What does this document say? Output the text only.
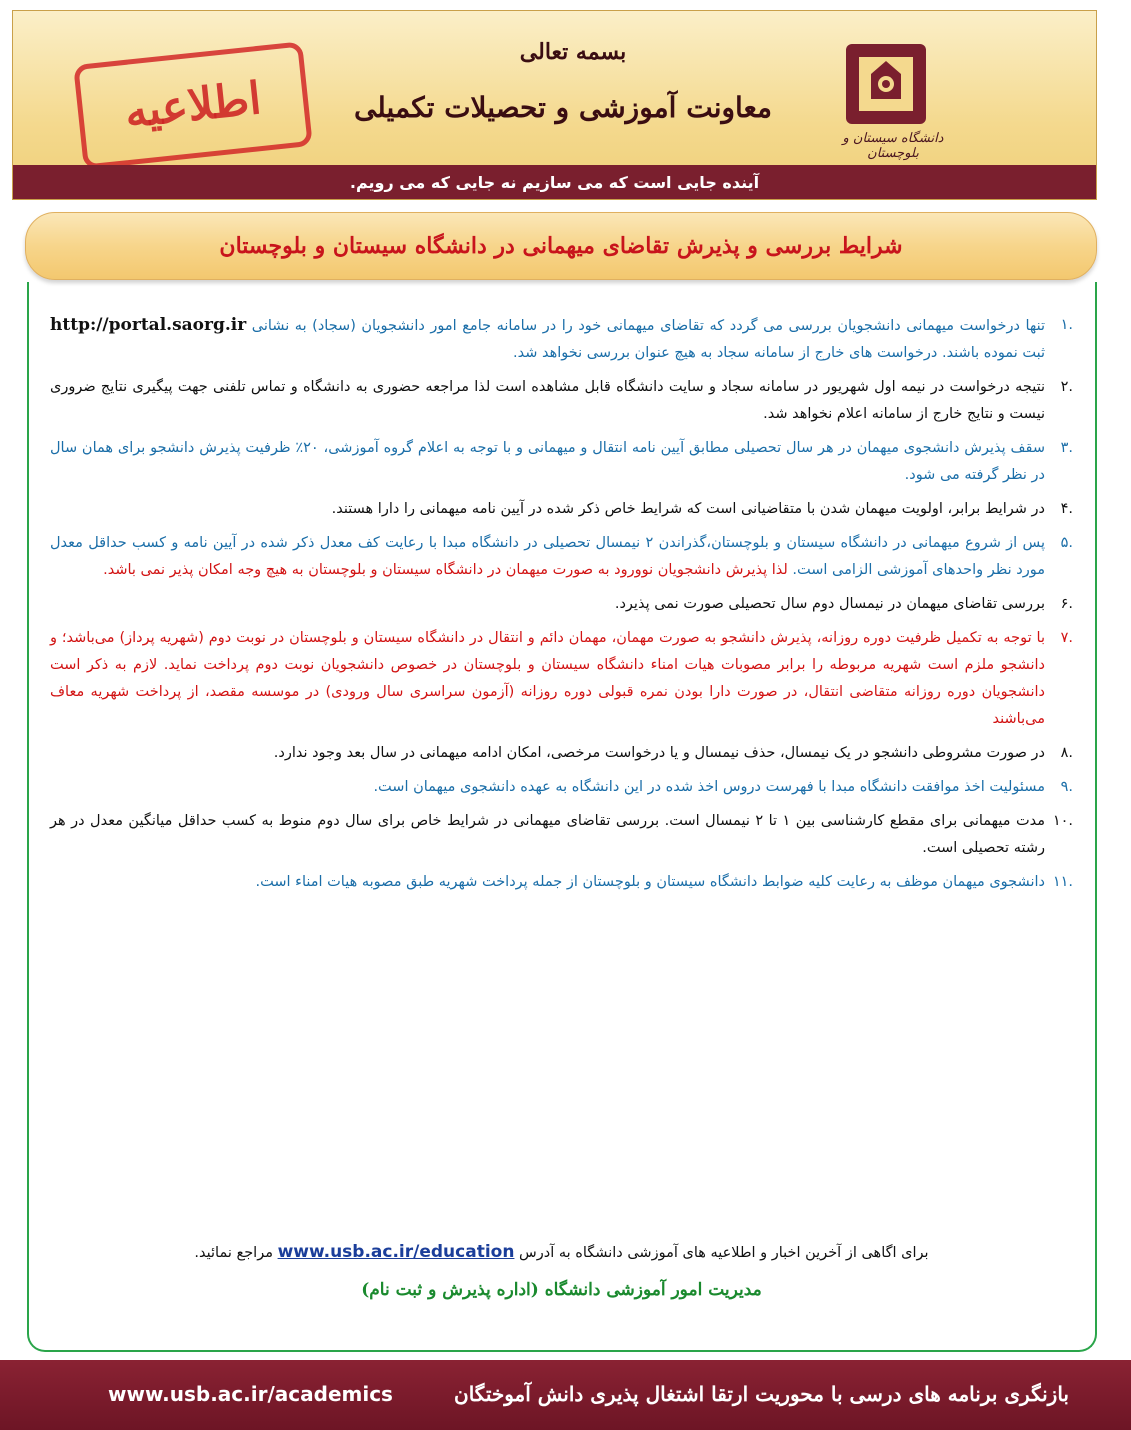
بسمه تعالی
معاونت آموزشی و تحصیلات تکمیلی
دانشگاه سیستان و بلوچستان
اطلاعیه
آینده جایی است که می سازیم نه جایی که می رویم.
شرایط بررسی و پذیرش تقاضای میهمانی در دانشگاه سیستان و بلوچستان
.۱
تنها درخواست میهمانی دانشجویان بررسی می گردد که تقاضای میهمانی خود را در سامانه جامع امور دانشجویان (سجاد) به نشانی http://portal.saorg.ir ثبت نموده باشند. درخواست های خارج از سامانه سجاد به هیچ عنوان بررسی نخواهد شد.
.۲
نتیجه درخواست در نیمه اول شهریور در سامانه سجاد و سایت دانشگاه قابل مشاهده است لذا مراجعه حضوری به دانشگاه و تماس تلفنی جهت پیگیری نتایج ضروری نیست و نتایج خارج از سامانه اعلام نخواهد شد.
.۳
سقف پذیرش دانشجوی میهمان در هر سال تحصیلی مطابق آیین نامه انتقال و میهمانی و با توجه به اعلام گروه آموزشی، ۲۰٪ ظرفیت پذیرش دانشجو برای همان سال در نظر گرفته می شود.
.۴
در شرایط برابر، اولویت میهمان شدن با متقاضیانی است که شرایط خاص ذکر شده در آیین نامه میهمانی را دارا هستند.
.۵
پس از شروع میهمانی در دانشگاه سیستان و بلوچستان،گذراندن ۲ نیمسال تحصیلی در دانشگاه مبدا با رعایت کف معدل ذکر شده در آیین نامه و کسب حداقل معدل مورد نظر واحدهای آموزشی الزامی است. لذا پذیرش دانشجویان نوورود به صورت میهمان در دانشگاه سیستان و بلوچستان به هیچ وجه امکان پذیر نمی باشد.
.۶
بررسی تقاضای میهمان در نیمسال دوم سال تحصیلی صورت نمی پذیرد.
.۷
با توجه به تکمیل ظرفیت دوره روزانه، پذیرش دانشجو به صورت مهمان، مهمان دائم و انتقال در دانشگاه سیستان و بلوچستان در نوبت دوم (شهریه پرداز) می‌باشد؛ و دانشجو ملزم است شهریه مربوطه را برابر مصوبات هیات امناء دانشگاه سیستان و بلوچستان در خصوص دانشجویان نوبت دوم پرداخت نماید. لازم به ذکر است دانشجویان دوره روزانه متقاضی انتقال، در صورت دارا بودن نمره قبولی دوره روزانه (آزمون سراسری سال ورودی) در موسسه مقصد، از پرداخت شهریه معاف می‌باشند
.۸
در صورت مشروطی دانشجو در یک نیمسال، حذف نیمسال و یا درخواست مرخصی، امکان ادامه میهمانی در سال بعد وجود ندارد.
.۹
مسئولیت اخذ موافقت دانشگاه مبدا با فهرست دروس اخذ شده در این دانشگاه به عهده دانشجوی میهمان است.
.۱۰
مدت میهمانی برای مقطع کارشناسی بین ۱ تا ۲ نیمسال است. بررسی تقاضای میهمانی در شرایط خاص برای سال دوم منوط به کسب حداقل میانگین معدل در هر رشته تحصیلی است.
.۱۱
دانشجوی میهمان موظف به رعایت کلیه ضوابط دانشگاه سیستان و بلوچستان از جمله پرداخت شهریه طبق مصوبه هیات امناء است.
برای اگاهی از آخرین اخبار و اطلاعیه های آموزشی دانشگاه به آدرس www.usb.ac.ir/education مراجع نمائید.
مدیریت امور آموزشی دانشگاه (اداره پذیرش و ثبت نام)
www.usb.ac.ir/academics	بازنگری برنامه های درسی با محوریت ارتقا اشتغال پذیری دانش آموختگان
